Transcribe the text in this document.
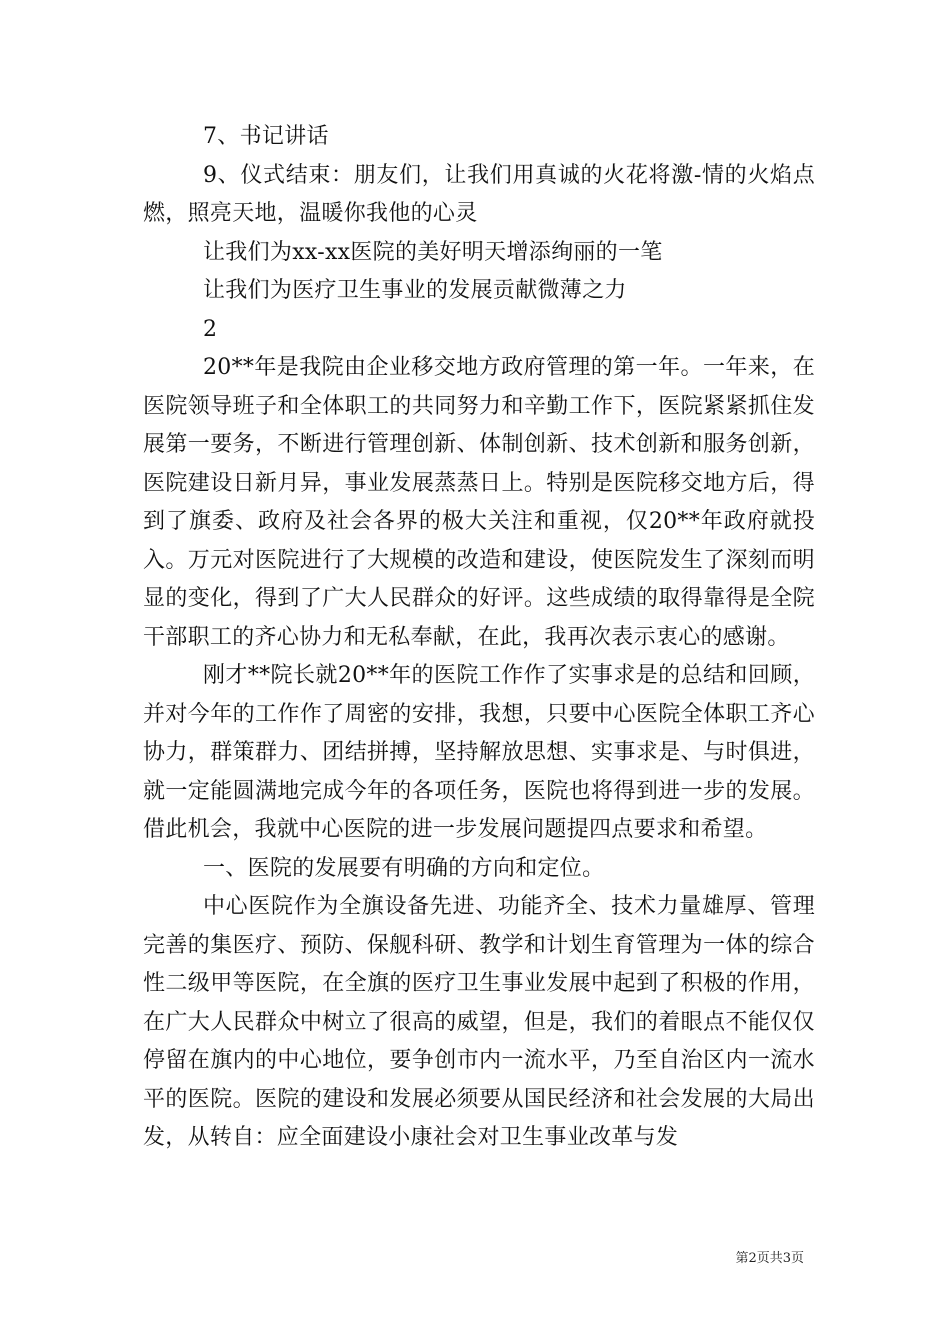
7、书记讲话

9、仪式结束：朋友们，让我们用真诚的火花将激-情的火焰点燃，照亮天地，温暖你我他的心灵

让我们为xx-xx医院的美好明天增添绚丽的一笔

让我们为医疗卫生事业的发展贡献微薄之力

2

20**年是我院由企业移交地方政府管理的第一年。一年来，在医院领导班子和全体职工的共同努力和辛勤工作下，医院紧紧抓住发展第一要务，不断进行管理创新、体制创新、技术创新和服务创新，医院建设日新月异，事业发展蒸蒸日上。特别是医院移交地方后，得到了旗委、政府及社会各界的极大关注和重视，仅20**年政府就投入。万元对医院进行了大规模的改造和建设，使医院发生了深刻而明显的变化，得到了广大人民群众的好评。这些成绩的取得靠得是全院干部职工的齐心协力和无私奉献，在此，我再次表示衷心的感谢。

刚才**院长就20**年的医院工作作了实事求是的总结和回顾，并对今年的工作作了周密的安排，我想，只要中心医院全体职工齐心协力，群策群力、团结拼搏，坚持解放思想、实事求是、与时俱进，就一定能圆满地完成今年的各项任务，医院也将得到进一步的发展。借此机会，我就中心医院的进一步发展问题提四点要求和希望。

一、医院的发展要有明确的方向和定位。

中心医院作为全旗设备先进、功能齐全、技术力量雄厚、管理完善的集医疗、预防、保舰科研、教学和计划生育管理为一体的综合性二级甲等医院，在全旗的医疗卫生事业发展中起到了积极的作用，在广大人民群众中树立了很高的威望，但是，我们的着眼点不能仅仅停留在旗内的中心地位，要争创市内一流水平，乃至自治区内一流水平的医院。医院的建设和发展必须要从国民经济和社会发展的大局出发，从转自：应全面建设小康社会对卫生事业改革与发

第2页共3页
